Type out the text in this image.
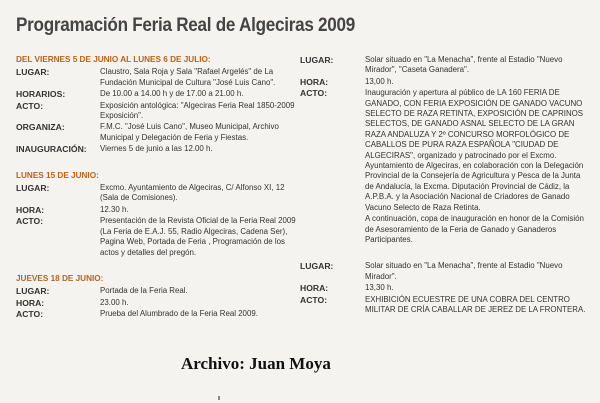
Programación Feria Real de Algeciras 2009
DEL VIERNES 5 DE JUNIO AL LUNES 6 DE JULIO:
LUGAR:	Claustro, Sala Roja y Sala "Rafael Argelés" de La Fundación Municipal de Cultura "José Luis Cano".
HORARIOS:	De 10.00 a 14.00 h y de 17.00 a 21.00 h.
ACTO:	Exposición antológica: "Algeciras Feria Real 1850-2009 Exposición".
ORGANIZA:	F.M.C. "José Luis Cano", Museo Municipal, Archivo Municipal y Delegación de Feria y Fiestas.
INAUGURACIÓN:	Viernes 5 de junio a las 12.00 h.
LUNES 15 DE JUNIO:
LUGAR:	Excmo. Ayuntamiento de Algeciras, C/ Alfonso XI, 12 (Sala de Comisiones).
HORA:	12.30 h.
ACTO:	Presentación de la Revista Oficial de la Feria Real 2009 (La Feria de E.A.J. 55, Radio Algeciras, Cadena Ser), Pagina Web, Portada de Feria , Programación de los actos y detalles del pregón.
JUEVES 18 DE JUNIO:
LUGAR:	Portada de la Feria Real.
HORA:	23.00 h.
ACTO:	Prueba del Alumbrado de la Feria Real 2009.
LUGAR:	Solar situado en "La Menacha", frente al Estadio "Nuevo Mirador", "Caseta Ganadera".
HORA:	13,00 h.
ACTO:	Inauguración y apertura al público de LA 160 FERIA DE GANADO, CON FERIA EXPOSICIÓN DE GANADO VACUNO SELECTO DE RAZA RETINTA, EXPOSICIÓN DE CAPRINOS SELECTOS, DE GANADO ASNAL SELECTO DE LA GRAN RAZA ANDALUZA Y 2º CONCURSO MORFOLÓGICO DE CABALLOS DE PURA RAZA ESPAÑOLA "CIUDAD DE ALGECIRAS", organizado y patrocinado por el Excmo. Ayuntamiento de Algeciras, en colaboración con la Delegación Provincial de la Consejería de Agricultura y Pesca de la Junta de Andalucía, la Excma. Diputación Provincial de Cádiz, la A.P.B.A. y la Asociación Nacional de Criadores de Ganado Vacuno Selecto de Raza Retinta.
A continuación, copa de inauguración en honor de la Comisión de Asesoramiento de la Feria de Ganado y Ganaderos Participantes.
LUGAR:	Solar situado en "La Menacha", frente al Estadio "Nuevo Mirador".
HORA:	13,30 h.
ACTO:	EXHIBICIÓN ECUESTRE DE UNA COBRA DEL CENTRO MILITAR DE CRÍA CABALLAR DE JEREZ DE LA FRONTERA.
Archivo: Juan Moya
